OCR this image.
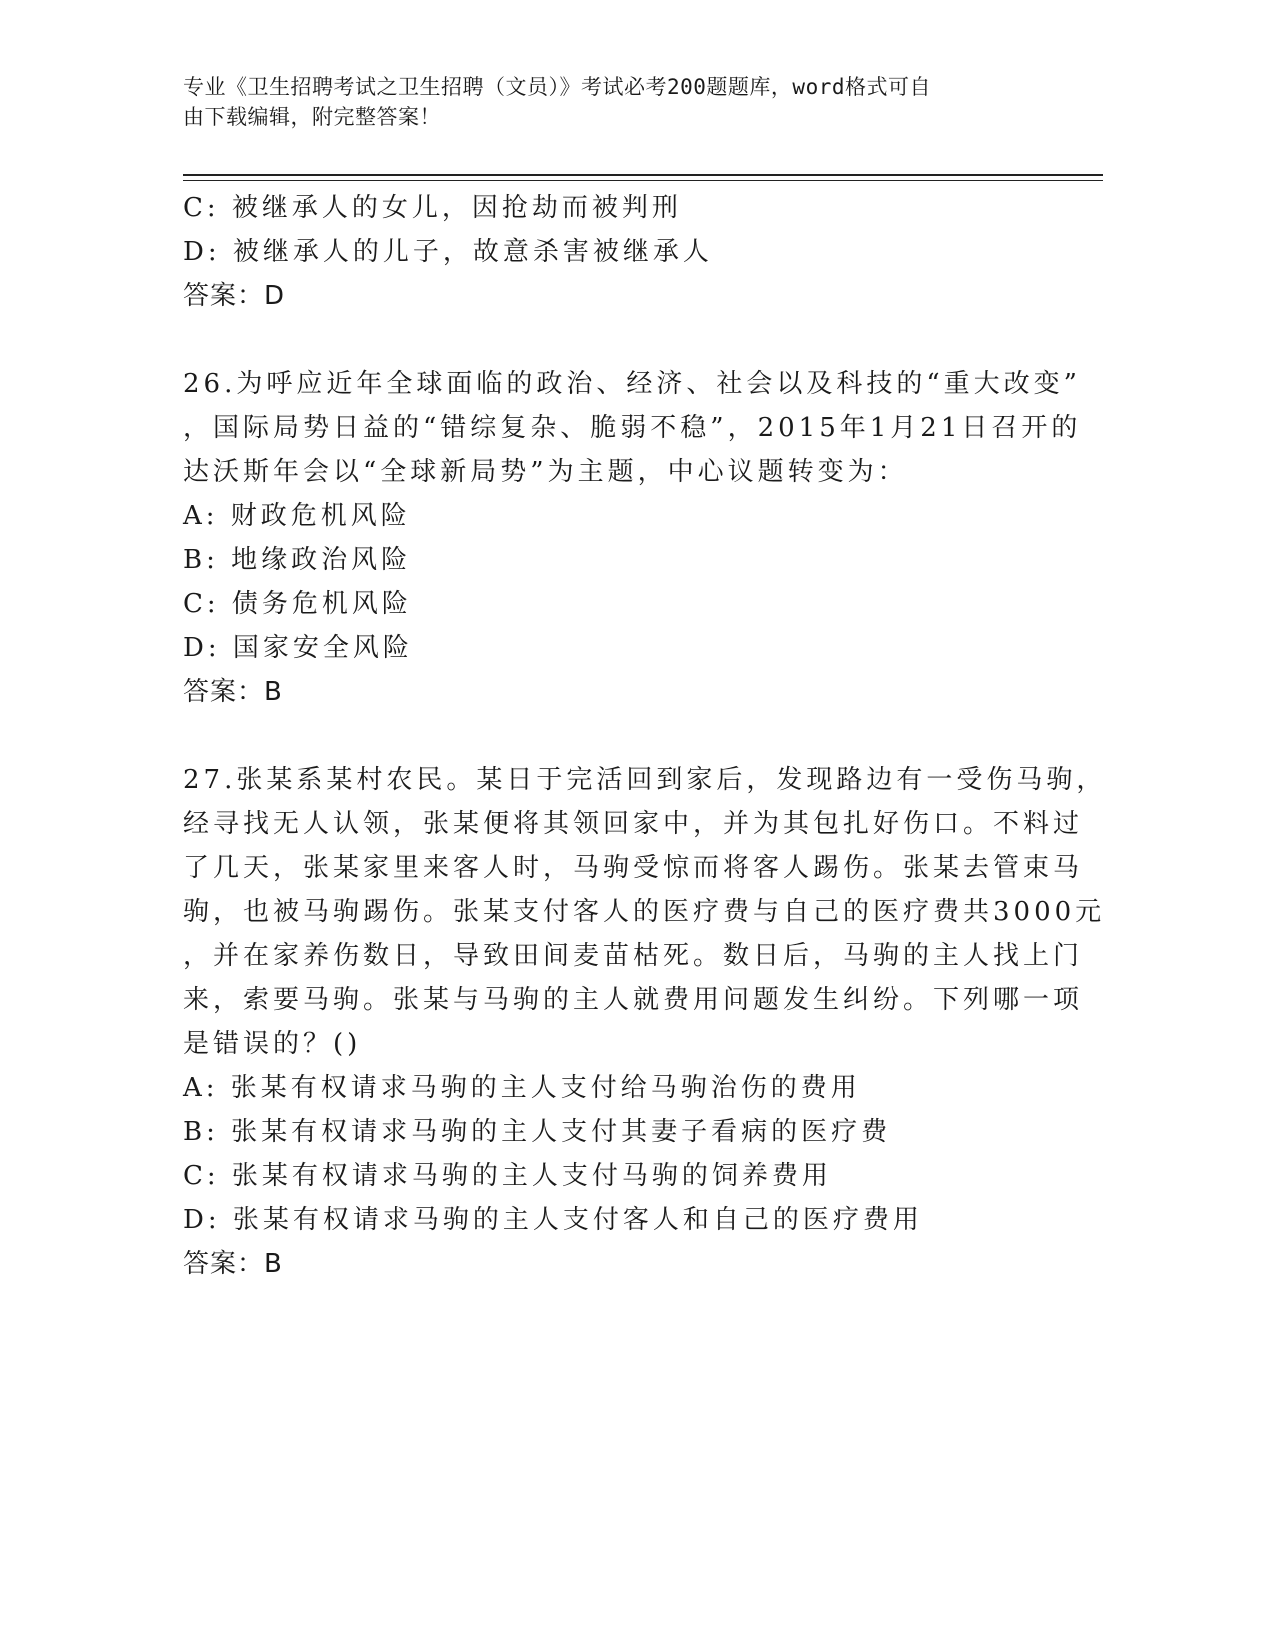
专业《卫生招聘考试之卫生招聘（文员）》考试必考200题题库，word格式可自
由下载编辑，附完整答案！
C: 被继承人的女儿，因抢劫而被判刑
D: 被继承人的儿子，故意杀害被继承人
答案：D
26.为呼应近年全球面临的政治、经济、社会以及科技的“重大改变”
，国际局势日益的“错综复杂、脆弱不稳”，2015年1月21日召开的
达沃斯年会以“全球新局势”为主题，中心议题转变为：
A: 财政危机风险
B: 地缘政治风险
C: 债务危机风险
D: 国家安全风险
答案：B
27.张某系某村农民。某日于完活回到家后，发现路边有一受伤马驹，
经寻找无人认领，张某便将其领回家中，并为其包扎好伤口。不料过
了几天，张某家里来客人时，马驹受惊而将客人踢伤。张某去管束马
驹，也被马驹踢伤。张某支付客人的医疗费与自己的医疗费共3000元
，并在家养伤数日，导致田间麦苗枯死。数日后，马驹的主人找上门
来，索要马驹。张某与马驹的主人就费用问题发生纠纷。下列哪一项
是错误的？()
A: 张某有权请求马驹的主人支付给马驹治伤的费用
B: 张某有权请求马驹的主人支付其妻子看病的医疗费
C: 张某有权请求马驹的主人支付马驹的饲养费用
D: 张某有权请求马驹的主人支付客人和自己的医疗费用
答案：B
